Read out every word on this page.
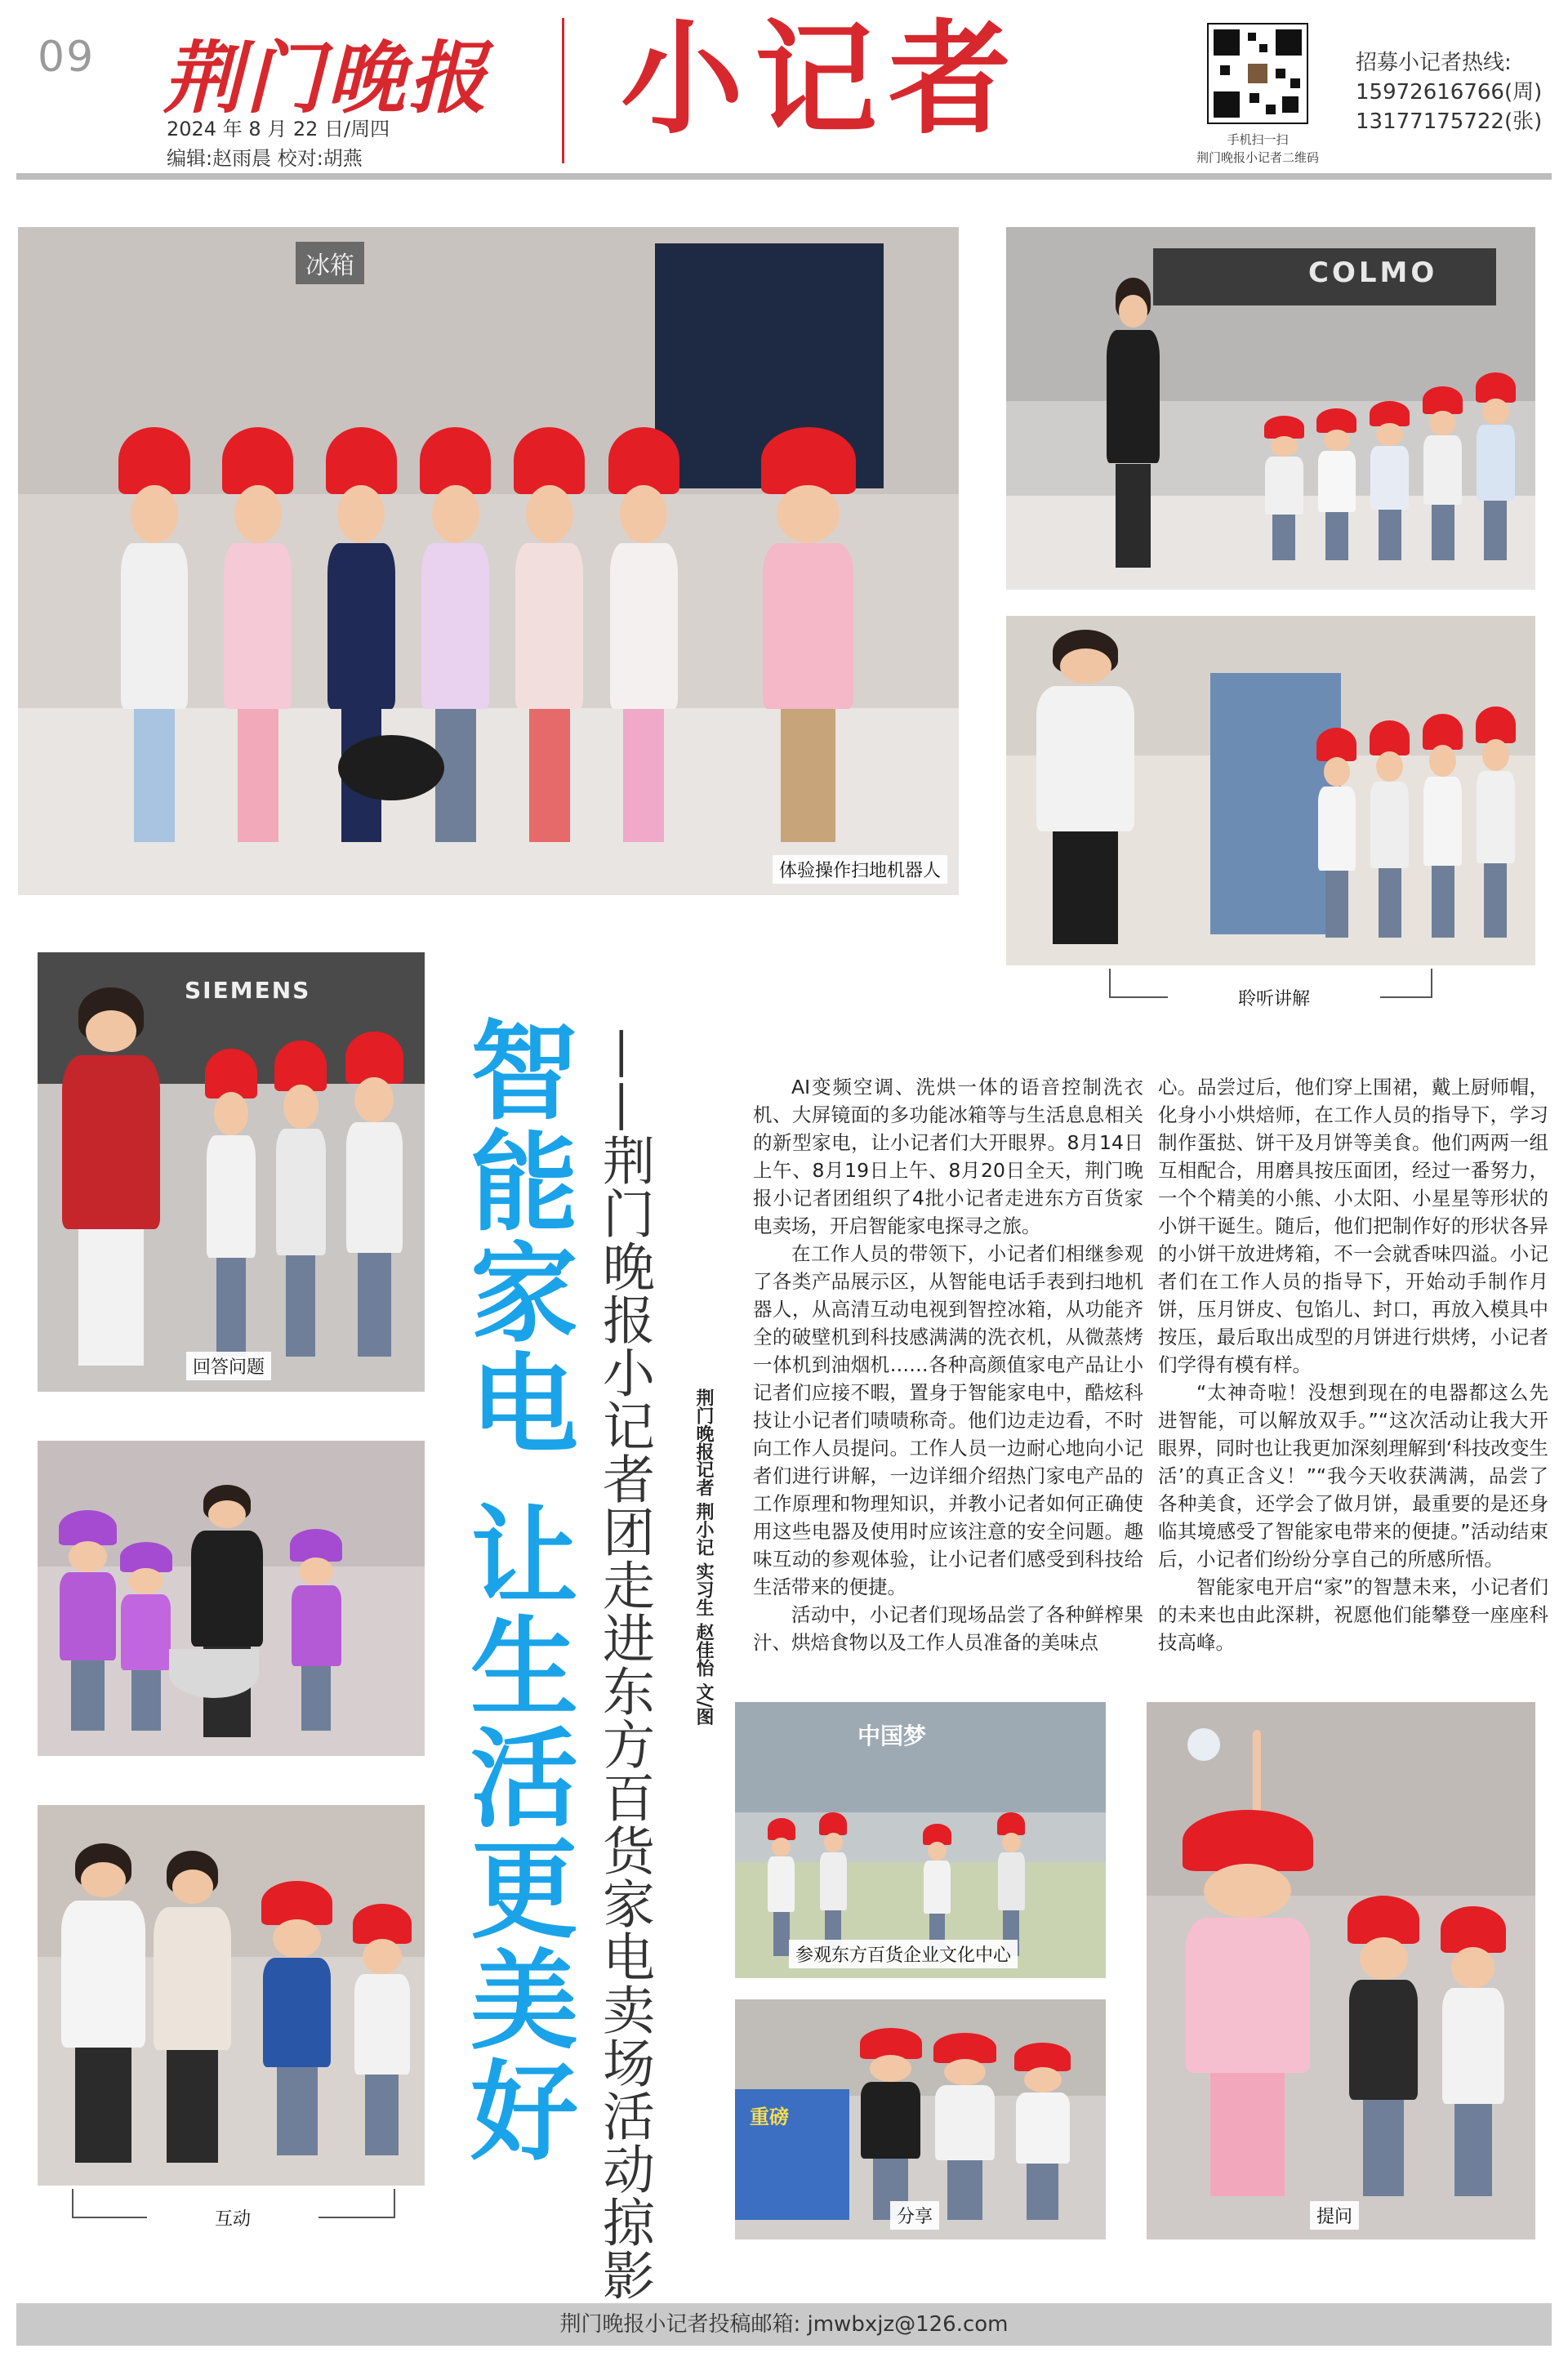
09 荆门晚报
2024 年 8 月 22 日/周四
编辑:赵雨晨 校对:胡燕
小记者	手机扫一扫
荆门晚报小记者二维码
招募小记者热线:
15972616766(周)
13177175722(张)
冰箱
体验操作扫地机器人
COLMO
聆听讲解
SIEMENS
回答问题
互动
中国梦
参观东方百货企业文化中心
重磅
分享	提问
智能家电 让生活更美好 ——荆门晚报小记者团走进东方百货家电卖场活动掠影	荆门晚报记者 荆小记 实习生 赵佳怡 文/图

AI变频空调、洗烘一体的语音控制洗衣机、大屏镜面的多功能冰箱等与生活息息相关的新型家电，让小记者们大开眼界。8月14日上午、8月19日上午、8月20日全天，荆门晚报小记者团组织了4批小记者走进东方百货家电卖场，开启智能家电探寻之旅。

在工作人员的带领下，小记者们相继参观了各类产品展示区，从智能电话手表到扫地机器人，从高清互动电视到智控冰箱，从功能齐全的破壁机到科技感满满的洗衣机，从微蒸烤一体机到油烟机……各种高颜值家电产品让小记者们应接不暇，置身于智能家电中，酷炫科技让小记者们啧啧称奇。他们边走边看，不时向工作人员提问。工作人员一边耐心地向小记者们进行讲解，一边详细介绍热门家电产品的工作原理和物理知识，并教小记者如何正确使用这些电器及使用时应该注意的安全问题。趣味互动的参观体验，让小记者们感受到科技给生活带来的便捷。

活动中，小记者们现场品尝了各种鲜榨果汁、烘焙食物以及工作人员准备的美味点

心。品尝过后，他们穿上围裙，戴上厨师帽，化身小小烘焙师，在工作人员的指导下，学习制作蛋挞、饼干及月饼等美食。他们两两一组互相配合，用磨具按压面团，经过一番努力，一个个精美的小熊、小太阳、小星星等形状的小饼干诞生。随后，他们把制作好的形状各异的小饼干放进烤箱，不一会就香味四溢。小记者们在工作人员的指导下，开始动手制作月饼，压月饼皮、包馅儿、封口，再放入模具中按压，最后取出成型的月饼进行烘烤，小记者们学得有模有样。

“太神奇啦！没想到现在的电器都这么先进智能，可以解放双手。”“这次活动让我大开眼界，同时也让我更加深刻理解到‘科技改变生活’的真正含义！”“我今天收获满满，品尝了各种美食，还学会了做月饼，最重要的是还身临其境感受了智能家电带来的便捷。”活动结束后，小记者们纷纷分享自己的所感所悟。

智能家电开启“家”的智慧未来，小记者们的未来也由此深耕，祝愿他们能攀登一座座科技高峰。

荆门晚报小记者投稿邮箱: jmwbxjz@126.com
